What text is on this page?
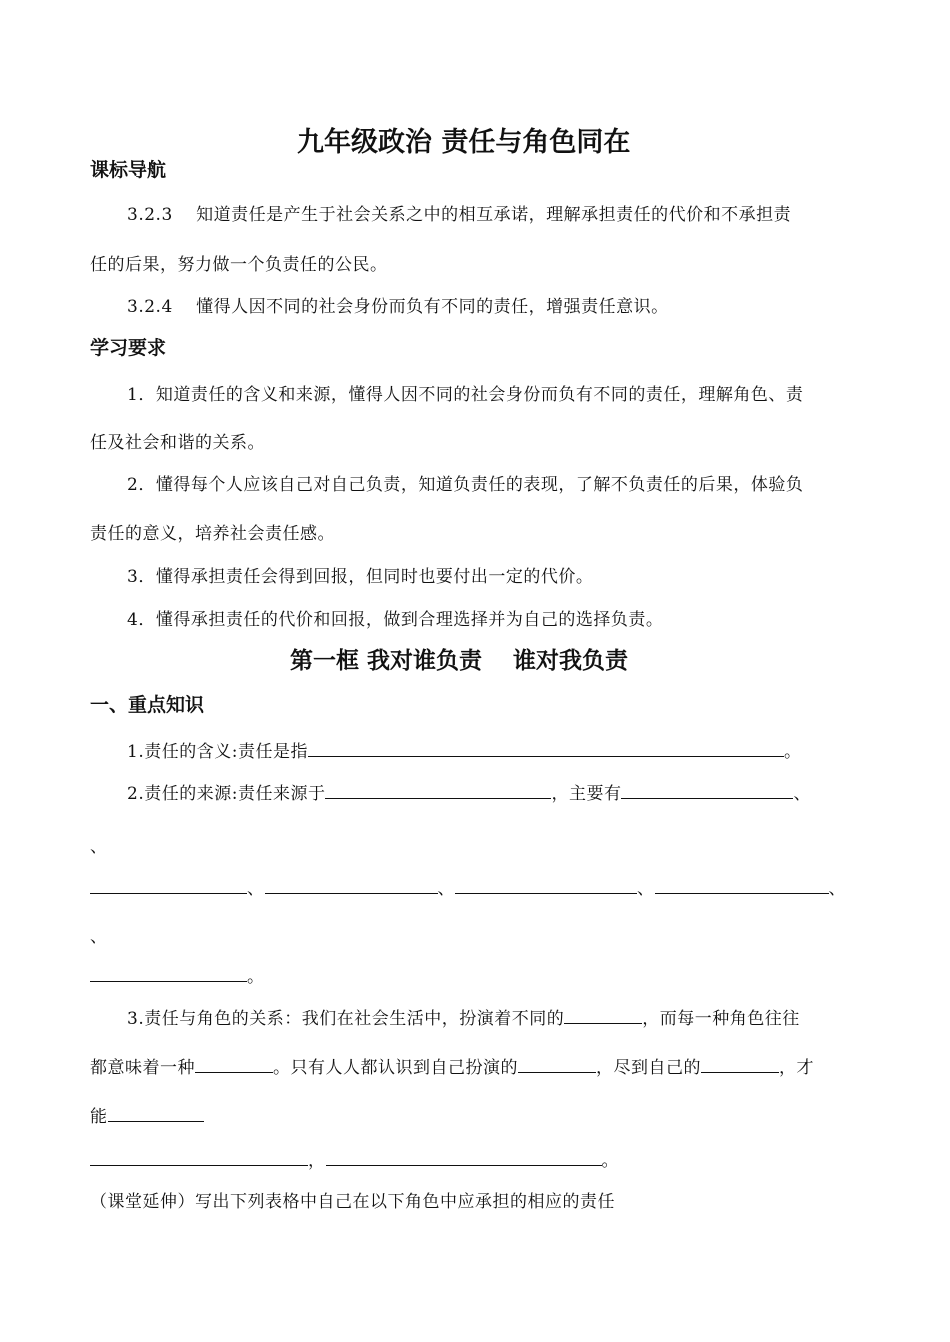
九年级政治 责任与角色同在
课标导航
3.2.3　 知道责任是产生于社会关系之中的相互承诺，理解承担责任的代价和不承担责
任的后果，努力做一个负责任的公民。
3.2.4　 懂得人因不同的社会身份而负有不同的责任，增强责任意识。
学习要求
1．知道责任的含义和来源，懂得人因不同的社会身份而负有不同的责任，理解角色、责
任及社会和谐的关系。
2．懂得每个人应该自己对自己负责，知道负责任的表现，了解不负责任的后果，体验负
责任的意义，培养社会责任感。
3．懂得承担责任会得到回报，但同时也要付出一定的代价。
4．懂得承担责任的代价和回报，做到合理选择并为自己的选择负责。
第一框 我对谁负责　 谁对我负责
一、重点知识
1.责任的含义:责任是指	。
2.责任的来源:责任来源于	，主要有	、
、
、	、	、	、
、
。
3.责任与角色的关系：我们在社会生活中，扮演着不同的	，而每一种角色往往
都意味着一种	。只有人人都认识到自己扮演的	，尽到自己的	，才
能
，	。
（课堂延伸）写出下列表格中自己在以下角色中应承担的相应的责任
